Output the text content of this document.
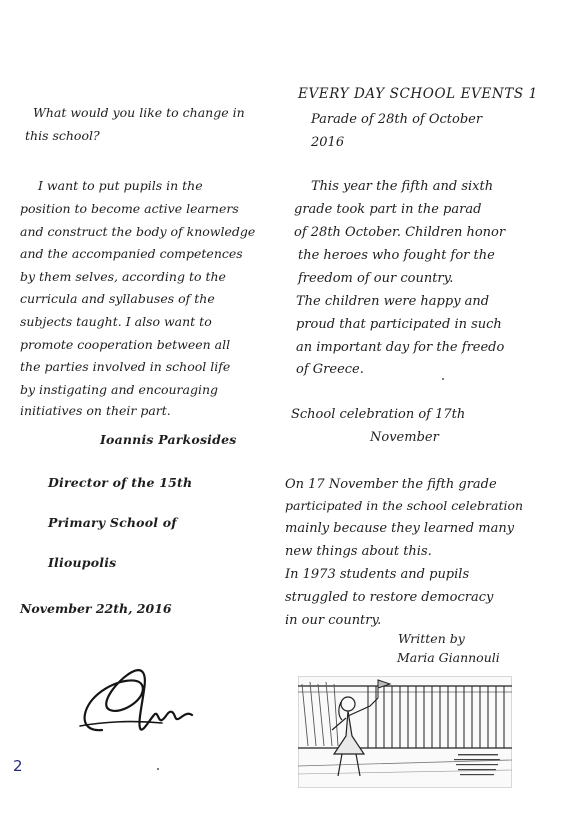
What would you like to change in
this school?
I want to put pupils in the
position to become active learners
and construct the body of knowledge
and the accompanied competences
by them selves, according to the
curricula and syllabuses of the
subjects taught. I also want to
promote cooperation between all
the parties involved in school life
by instigating and encouraging
initiatives on their part.
Ioannis Parkosides
Director of the 15th
Primary School of
Ilioupolis
November 22th, 2016
EVERY DAY SCHOOL EVENTS 1
Parade of 28th of October
2016
This year the fifth and sixth
grade took part in the parad
of 28th October. Children honor
the heroes who fought for the
freedom of our country.
The children were happy and
proud that participated in such
an important day for the freedo
of Greece.
School celebration of 17th
November
On 17 November the fifth grade
participated in the school celebration
mainly because they learned many
new things about this.
In 1973 students and pupils
struggled to restore democracy
in our country.
Written by
Maria Giannouli
2
